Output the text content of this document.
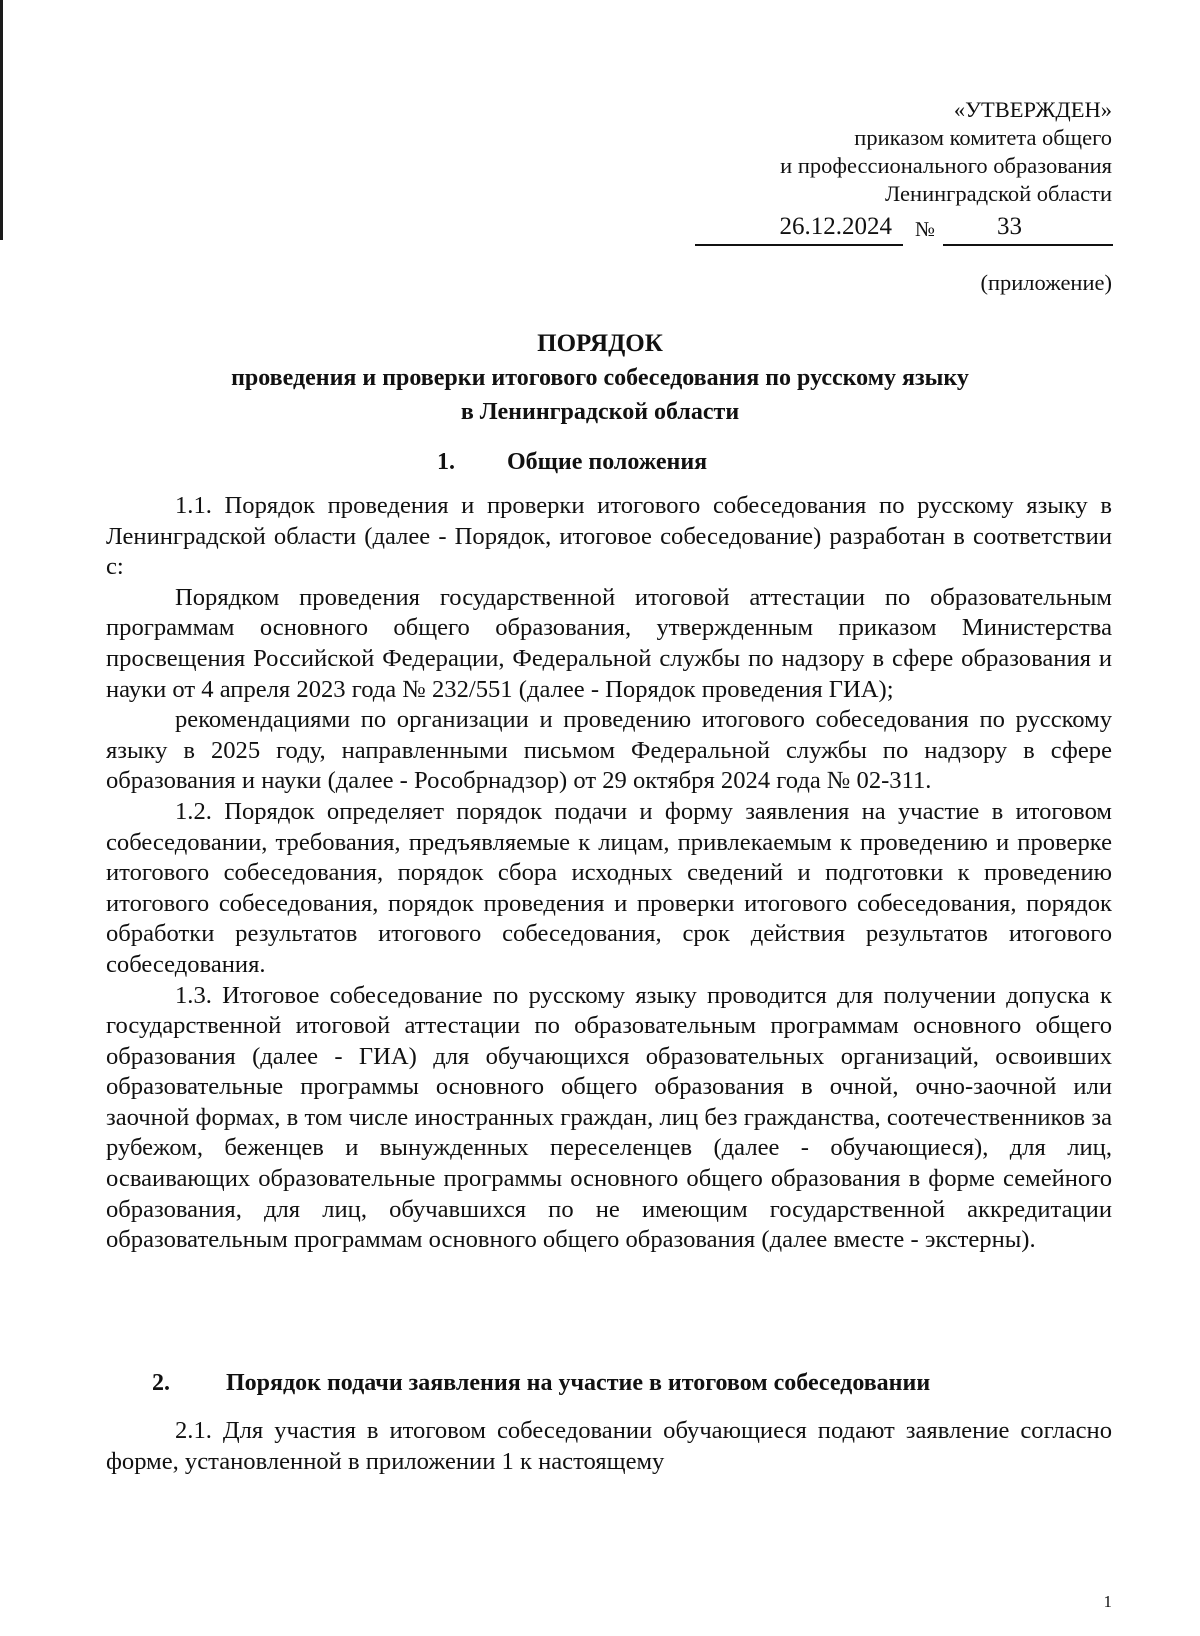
«УТВЕРЖДЕН»
приказом комитета общего
и профессионального образования
Ленинградской области
26.12.2024	№	33
(приложение)
ПОРЯДОК
проведения и проверки итогового собеседования по русскому языку
в Ленинградской области
1. Общие положения

1.1. Порядок проведения и проверки итогового собеседования по русскому языку в Ленинградской области (далее - Порядок, итоговое собеседование) разработан в соответствии с:

Порядком проведения государственной итоговой аттестации по образовательным программам основного общего образования, утвержденным приказом Министерства просвещения Российской Федерации, Федеральной службы по надзору в сфере образования и науки от 4 апреля 2023 года № 232/551 (далее - Порядок проведения ГИА);

рекомендациями по организации и проведению итогового собеседования по русскому языку в 2025 году, направленными письмом Федеральной службы по надзору в сфере образования и науки (далее - Рособрнадзор) от 29 октября 2024 года № 02-311.

1.2. Порядок определяет порядок подачи и форму заявления на участие в итоговом собеседовании, требования, предъявляемые к лицам, привлекаемым к проведению и проверке итогового собеседования, порядок сбора исходных сведений и подготовки к проведению итогового собеседования, порядок проведения и проверки итогового собеседования, порядок обработки результатов итогового собеседования, срок действия результатов итогового собеседования.

1.3. Итоговое собеседование по русскому языку проводится для получении допуска к государственной итоговой аттестации по образовательным программам основного общего образования (далее - ГИА) для обучающихся образовательных организаций, освоивших образовательные программы основного общего образования в очной, очно-заочной или заочной формах, в том числе иностранных граждан, лиц без гражданства, соотечественников за рубежом, беженцев и вынужденных переселенцев (далее - обучающиеся), для лиц, осваивающих образовательные программы основного общего образования в форме семейного образования, для лиц, обучавшихся по не имеющим государственной аккредитации образовательным программам основного общего образования (далее вместе - экстерны).

2. Порядок подачи заявления на участие в итоговом собеседовании

2.1. Для участия в итоговом собеседовании обучающиеся подают заявление согласно форме, установленной в приложении 1 к настоящему

1
